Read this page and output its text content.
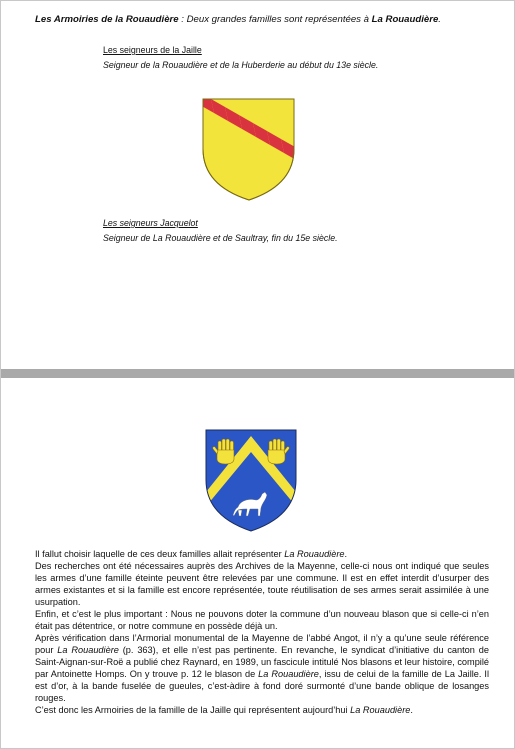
Les Armoiries de la Rouaudière : Deux grandes familles sont représentées à La Rouaudière.
Les seigneurs de la Jaille
Seigneur de la Rouaudière et de la Huberderie au début du 13e siècle.
Les seigneurs Jacquelot
Seigneur de La Rouaudière et de Saultray, fin du 15e siècle.

Il fallut choisir laquelle de ces deux familles allait représenter La Rouaudière.

Des recherches ont été nécessaires auprès des Archives de la Mayenne, celle-ci nous ont indiqué que seules les armes d’une famille éteinte peuvent être relevées par une commune. Il est en effet interdit d’usurper des armes existantes et si la famille est encore représentée, toute réutilisation de ses armes serait assimilée à une usurpation.

Enfin, et c’est le plus important : Nous ne pouvons doter la commune d’un nouveau blason que si celle-ci n’en était pas détentrice, or notre commune en possède déjà un.

Après vérification dans l’Armorial monumental de la Mayenne de l’abbé Angot, il n’y a qu’une seule référence pour La Rouaudière (p. 363), et elle n’est pas pertinente. En revanche, le syndicat d’initiative du canton de Saint-Aignan-sur-Roë a publié chez Raynard, en 1989, un fascicule intitulé Nos blasons et leur histoire, compilé par Antoinette Homps. On y trouve p. 12 le blason de La Rouaudière, issu de celui de la famille de La Jaille. Il est d’or, à la bande fuselée de gueules, c’est-àdire à fond doré surmonté d’une bande oblique de losanges rouges.

C’est donc les Armoiries de la famille de la Jaille qui représentent aujourd’hui La Rouaudière.
